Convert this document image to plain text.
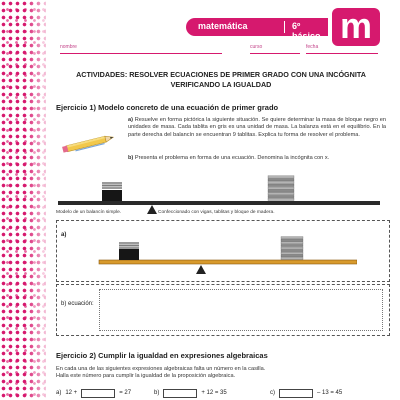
matemática	6º básico m
nombre	curso	fecha
ACTIVIDADES: RESOLVER ECUACIONES DE PRIMER GRADO CON UNA INCÓGNITA
VERIFICANDO LA IGUALDAD
Ejercicio 1) Modelo concreto de una ecuación de primer grado
a) Resuelve en forma pictórica la siguiente situación. Se quiere determinar la masa de bloque negro en unidades de masa. Cada tablita en gris es una unidad de masa. La balanza está en el equilibrio. En la parte derecha del balancín se encuentran 9 tablitas. Explica tu forma de resolver el problema.
b) Presenta el problema en forma de una ecuación. Denomina la incógnita con x.
Modelo de un balancín simple.	Confeccionado con vigas, tablitas y bloque de madera.
a)
b) ecuación:
Ejercicio 2) Cumplir la igualdad en expresiones algebraicas
En cada una de las siguientes expresiones algebraicas falta un número en la casilla.
Halla este número para cumplir la igualdad de la proposición algebraica.
a) 12 +	= 27	b)	+ 12 = 35	c)	– 13 = 45
